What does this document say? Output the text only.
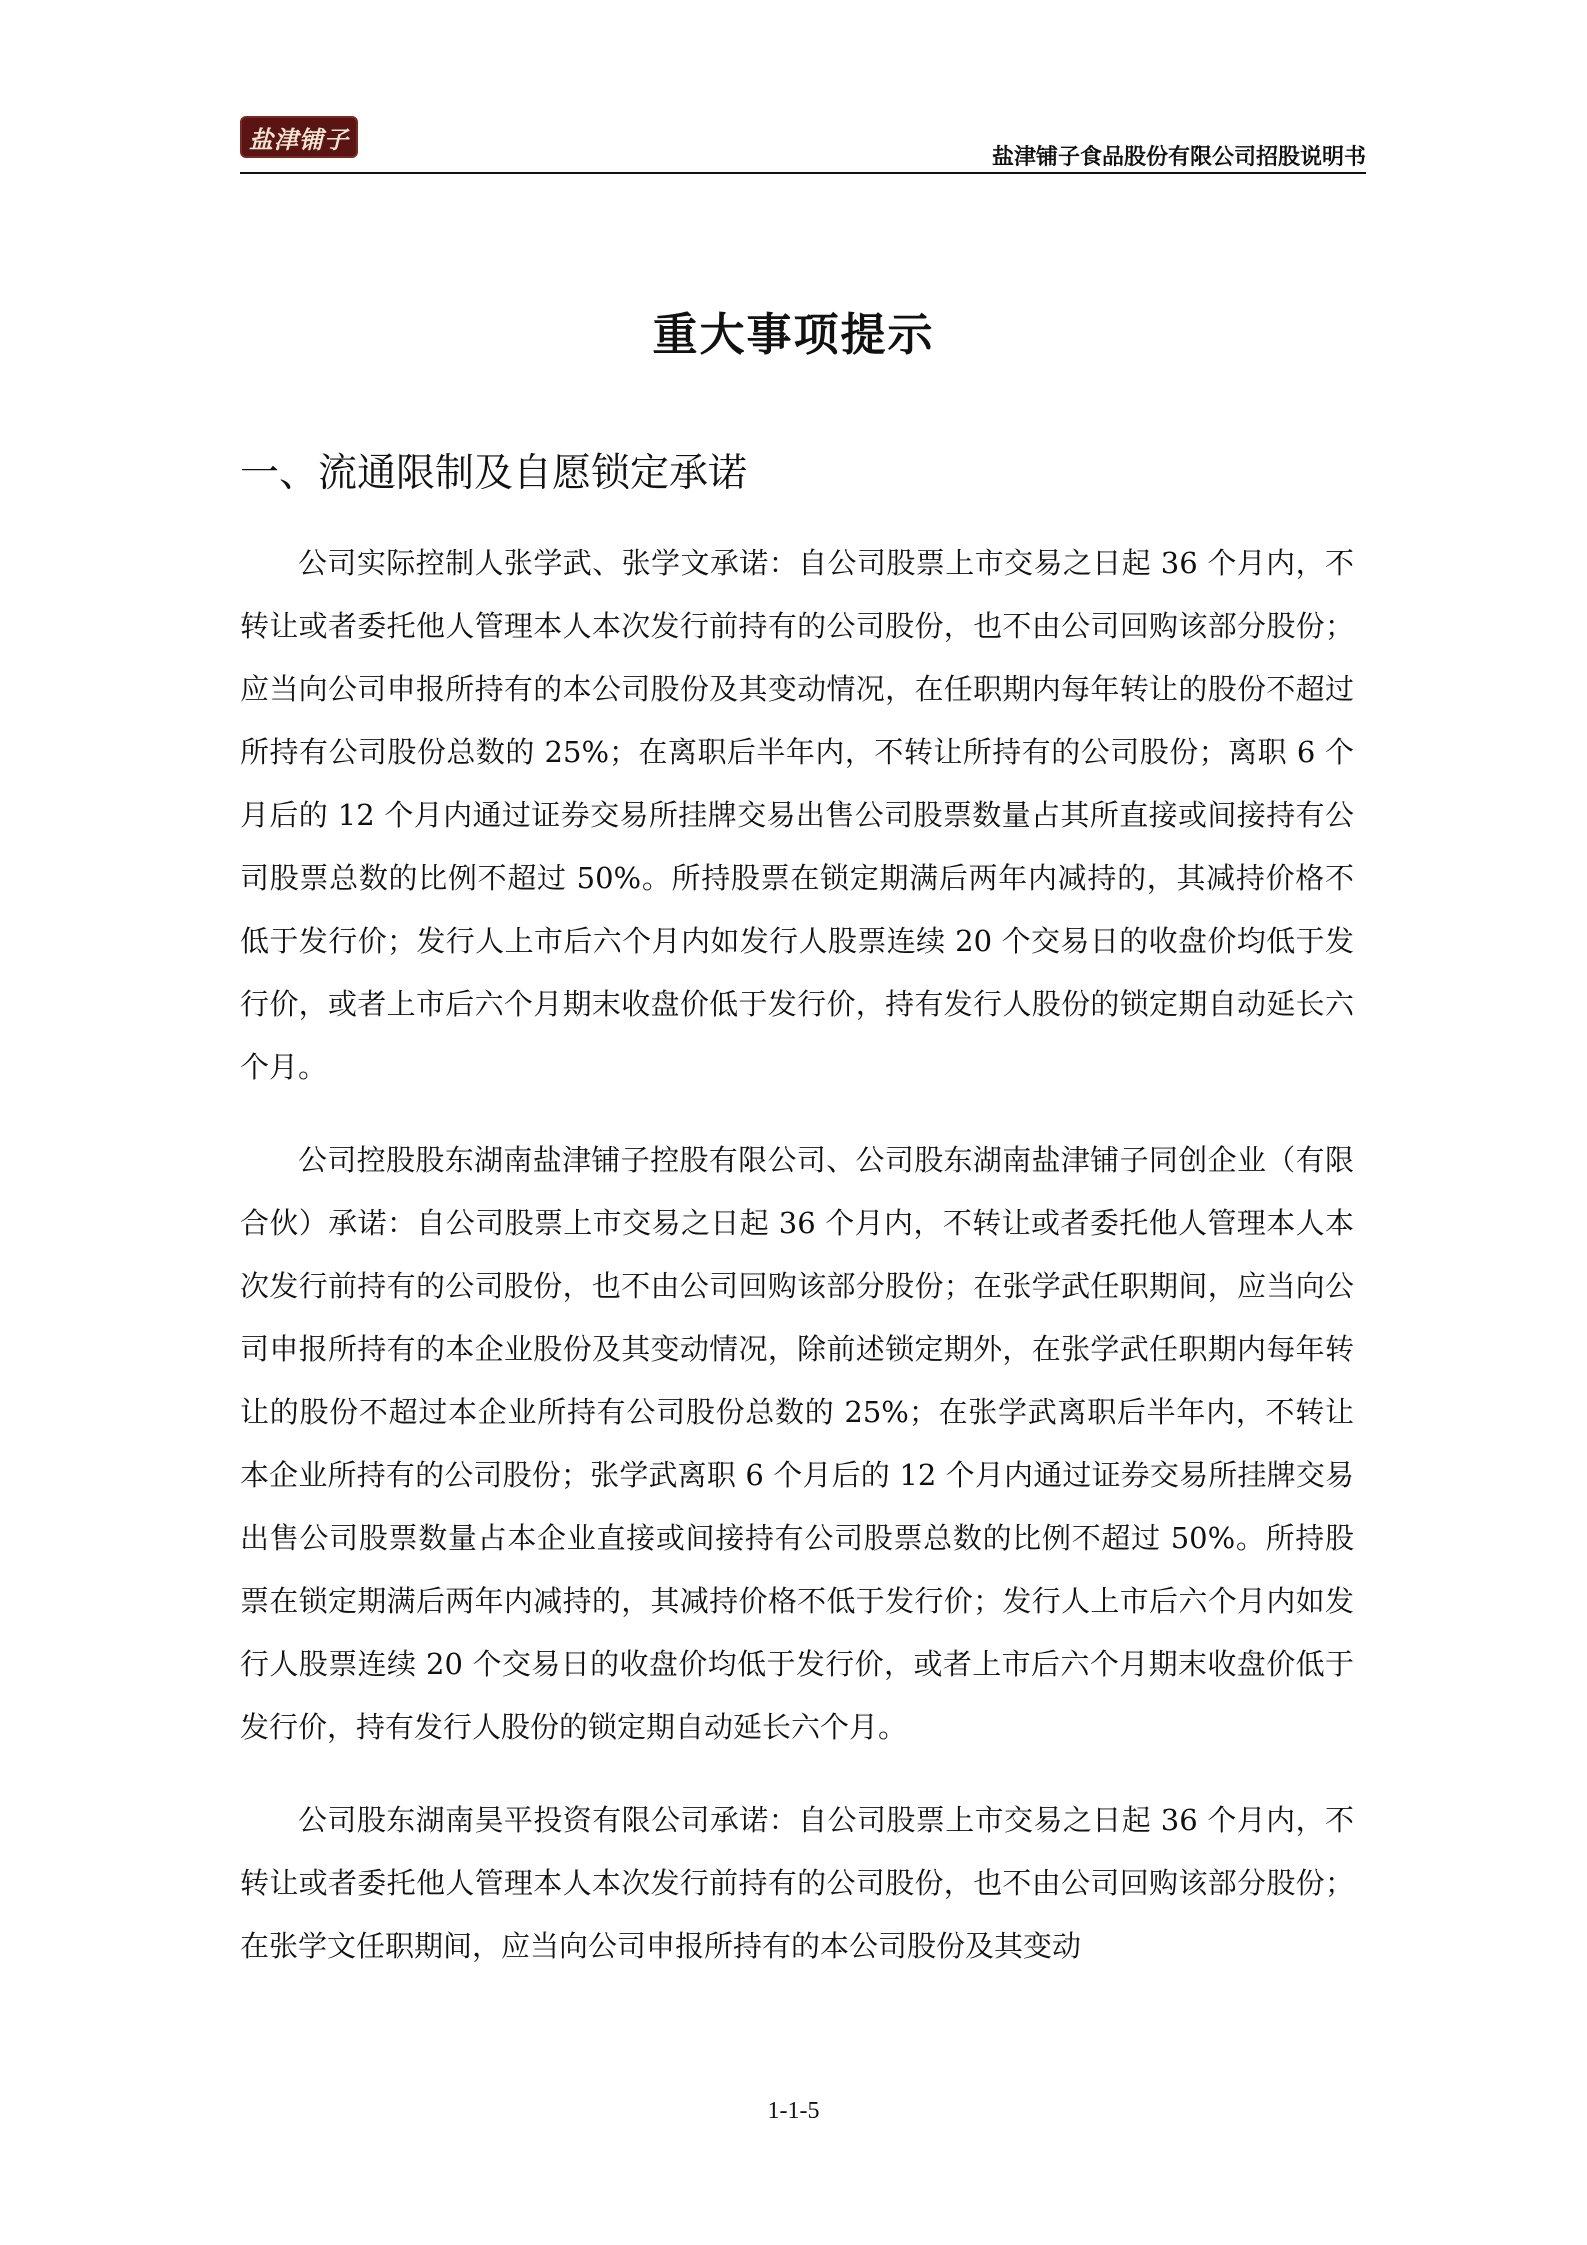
盐津铺子
盐津铺子食品股份有限公司招股说明书
重大事项提示
一、流通限制及自愿锁定承诺

公司实际控制人张学武、张学文承诺：自公司股票上市交易之日起 36 个月内，不转让或者委托他人管理本人本次发行前持有的公司股份，也不由公司回购该部分股份；应当向公司申报所持有的本公司股份及其变动情况，在任职期内每年转让的股份不超过所持有公司股份总数的 25%；在离职后半年内，不转让所持有的公司股份；离职 6 个月后的 12 个月内通过证券交易所挂牌交易出售公司股票数量占其所直接或间接持有公司股票总数的比例不超过 50%。所持股票在锁定期满后两年内减持的，其减持价格不低于发行价；发行人上市后六个月内如发行人股票连续 20 个交易日的收盘价均低于发行价，或者上市后六个月期末收盘价低于发行价，持有发行人股份的锁定期自动延长六个月。

公司控股股东湖南盐津铺子控股有限公司、公司股东湖南盐津铺子同创企业（有限合伙）承诺：自公司股票上市交易之日起 36 个月内，不转让或者委托他人管理本人本次发行前持有的公司股份，也不由公司回购该部分股份；在张学武任职期间，应当向公司申报所持有的本企业股份及其变动情况，除前述锁定期外，在张学武任职期内每年转让的股份不超过本企业所持有公司股份总数的 25%；在张学武离职后半年内，不转让本企业所持有的公司股份；张学武离职 6 个月后的 12 个月内通过证券交易所挂牌交易出售公司股票数量占本企业直接或间接持有公司股票总数的比例不超过 50%。所持股票在锁定期满后两年内减持的，其减持价格不低于发行价；发行人上市后六个月内如发行人股票连续 20 个交易日的收盘价均低于发行价，或者上市后六个月期末收盘价低于发行价，持有发行人股份的锁定期自动延长六个月。

公司股东湖南昊平投资有限公司承诺：自公司股票上市交易之日起 36 个月内，不转让或者委托他人管理本人本次发行前持有的公司股份，也不由公司回购该部分股份；在张学文任职期间，应当向公司申报所持有的本公司股份及其变动

1-1-5
